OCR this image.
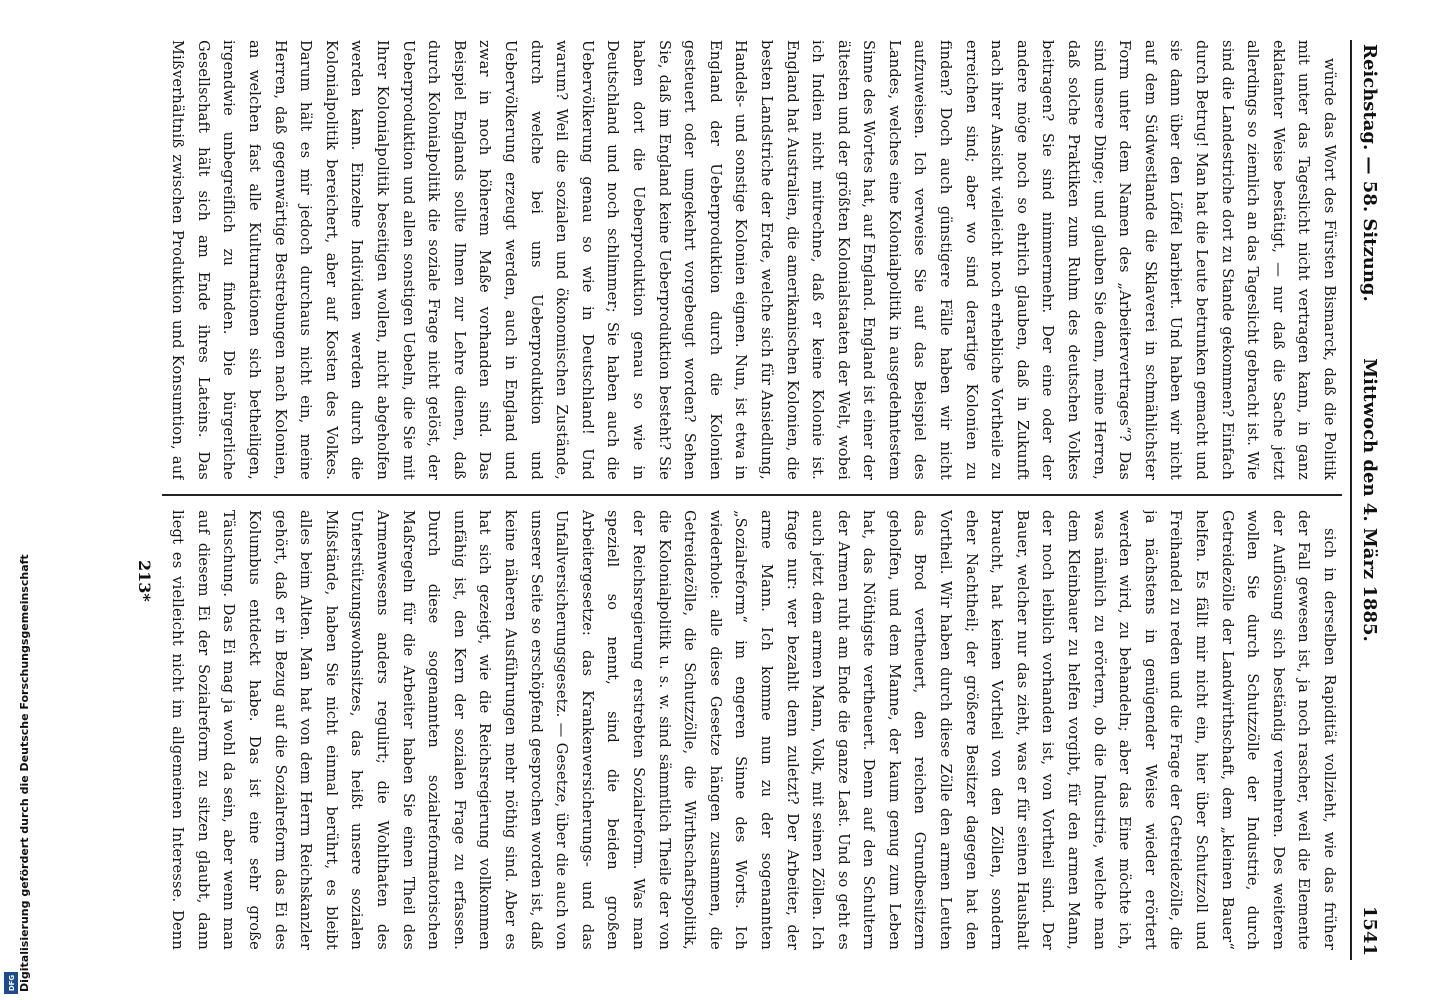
Reichstag. — 58. Sitzung.
Mittwoch den 4. März 1885.
1541

würde das Wort des Fürsten Bismarck, daß die Politik mit unter das Tageslicht nicht vertragen kann, in ganz eklatanter Weise bestätigt, — nur daß die Sache jetzt allerdings so ziemlich an das Tageslicht gebracht ist. Wie sind die Landestriche dort zu Stande gekommen? Einfach durch Betrug! Man hat die Leute betrunken gemacht und sie dann über den Löffel barbiert. Und haben wir nicht auf dem Südwestlande die Sklaverei in schmählichster Form unter dem Namen des „Arbeitervertrages“? Das sind unsere Dinge; und glauben Sie denn, meine Herren, daß solche Praktiken zum Ruhm des deutschen Volkes beitragen? Sie sind nimmermehr. Der eine oder der andere möge noch so ehrlich glauben, daß in Zukunft nach ihrer Ansicht vielleicht noch erhebliche Vortheile zu erreichen sind; aber wo sind derartige Kolonien zu finden? Doch auch günstigere Fälle haben wir nicht aufzuweisen. Ich verweise Sie auf das Beispiel des Landes, welches eine Kolonialpolitik in ausgedehntestem Sinne des Wortes hat, auf England. England ist einer der ältesten und der größten Kolonialstaaten der Welt, wobei ich Indien nicht mitrechne, daß er keine Kolonie ist. England hat Australien, die amerikanischen Kolonien, die besten Landstriche der Erde, welche sich für Ansiedlung, Handels- und sonstige Kolonien eignen. Nun, ist etwa in England der Ueberproduktion durch die Kolonien gesteuert oder umgekehrt vorgebeugt worden? Sehen Sie, daß im England keine Ueberproduktion besteht? Sie haben dort die Ueberproduktion genau so wie in Deutschland und noch schlimmer; Sie haben auch die Uebervölkerung genau so wie in Deutschland! Und warum? Weil die sozialen und ökonomischen Zustände, durch welche bei uns Ueberproduktion und Uebervölkerung erzeugt werden, auch in England und zwar in noch höherem Maße vorhanden sind. Das Beispiel Englands sollte Ihnen zur Lehre dienen, daß durch Kolonialpolitik die soziale Frage nicht gelöst, der Ueberproduktion und allen sonstigen Uebeln, die Sie mit Ihrer Kolonialpolitik beseitigen wollen, nicht abgeholfen werden kann. Einzelne Individuen werden durch die Kolonialpolitik bereichert, aber auf Kosten des Volkes. Darum hält es mir jedoch durchaus nicht ein, meine Herren, daß gegenwärtige Bestrebungen nach Kolonien, an welchen fast alle Kulturnationen sich betheiligen, irgendwie unbegreiflich zu finden. Die bürgerliche Gesellschaft hält sich am Ende ihres Lateins. Das Mißverhältniß zwischen Produktion und Konsumtion, auf

sich in derselben Rapidität vollzieht, wie das früher der Fall gewesen ist, ja noch rascher, weil die Elemente der Auflösung sich beständig vermehren. Des weiteren wollen Sie durch Schutzzölle der Industrie, durch Getreidezölle der Landwirthschaft, dem „kleinen Bauer“ helfen. Es fällt mir nicht ein, hier über Schutzzoll und Freihandel zu reden und die Frage der Getreidezölle, die ja nächstens in genügender Weise wieder erörtert werden wird, zu behandeln; aber das Eine möchte ich, was nämlich zu erörtern, ob die Industrie, welche man dem Kleinbauer zu helfen vorgibt, für den armen Mann, der noch leiblich vorhanden ist, von Vortheil sind. Der Bauer, welcher nur das zieht, was er für seinen Haushalt braucht, hat keinen Vortheil von den Zöllen, sondern eher Nachtheil; der größere Besitzer dagegen hat den Vortheil. Wir haben durch diese Zölle den armen Leuten das Brod vertheuert, den reichen Grundbesitzern geholfen, und dem Manne, der kaum genug zum Leben hat, das Nöthigste vertheuert. Denn auf den Schultern der Armen ruht am Ende die ganze Last. Und so geht es auch jetzt dem armen Mann, Volk, mit seinen Zöllen. Ich frage nur: wer bezahlt denn zuletzt? Der Arbeiter, der arme Mann. Ich komme nun zu der sogenannten „Sozialreform“ im engeren Sinne des Worts. Ich wiederhole: alle diese Gesetze hängen zusammen, die Getreidezölle, die Schutzzölle, die Wirthschaftspolitik, die Kolonialpolitik u. s. w. sind sämmtlich Theile der von der Reichsregierung erstrebten Sozialreform. Was man speziell so nennt, sind die beiden großen Arbeitergesetze: das Krankenversicherungs- und das Unfallversicherungsgesetz. — Gesetze, über die auch von unserer Seite so erschöpfend gesprochen worden ist, daß keine näheren Ausführungen mehr nöthig sind. Aber es hat sich gezeigt, wie die Reichsregierung vollkommen unfähig ist, den Kern der sozialen Frage zu erfassen. Durch diese sogenannten sozialreformatorischen Maßregeln für die Arbeiter haben Sie einen Theil des Armenwesens anders regulirt; die Wohlthaten des Unterstützungswohnsitzes, das heißt unsere sozialen Mißstände, haben Sie nicht einmal berührt, es bleibt alles beim Alten. Man hat von dem Herrn Reichskanzler gehört, daß er in Bezug auf die Sozialreform das Ei des Kolumbus entdeckt habe. Das ist eine sehr große Täuschung. Das Ei mag ja wohl da sein, aber wenn man auf diesem Ei der Sozialreform zu sitzen glaubt, dann liegt es vielleicht nicht im allgemeinen Interesse. Denn

213*
Digitalisierung gefördert durch die Deutsche Forschungsgemeinschaft
DFG
